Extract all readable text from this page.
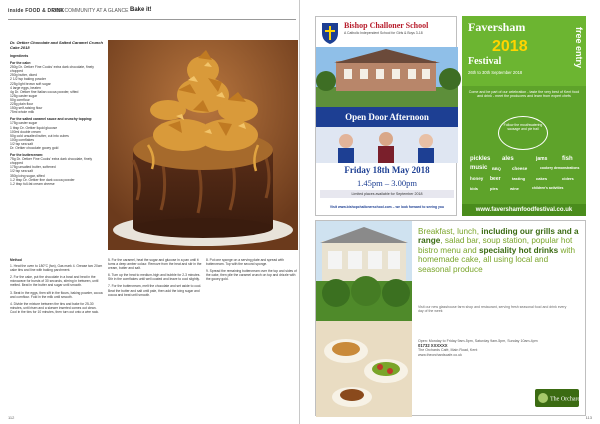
inside FOOD & DRINK
OUR COMMUNITY AT A GLANCE Bake it!
Dr. Oetker Chocolate and Salted Caramel Crunch Cake 2018
Ingredients
For the cake:
250g Dr. Oetker Fine Cooks' extra dark chocolate, finely chopped
250g butter, diced
2 1/2 tsp baking powder
225g light brown soft sugar
4 large eggs, beaten
4g Dr. Oetker fine Italian cocoa powder, sifted
125g caster sugar
50g cornflour
225g plain flour
150g self-raising flour
75ml whole milk
For the salted caramel sauce and crunchy topping:
175g caster sugar
1 tbsp Dr. Oetker liquid glucose
100ml double cream
50g cold unsalted butter, cut into cubes
100g cornflakes
1/2 tsp sea salt
Dr. Oetker chocolate gooey gold
For the buttercream:
75g Dr. Oetker Fine Cooks' extra dark chocolate, finely chopped
175g unsalted butter, softened
1/2 tsp sea salt
350g icing sugar, sifted
1-2 tbsp Dr. Oetker fine dark cocoa powder
1-2 tbsp full-fat cream cheese
Method

1. Heat the oven to 180°C (fan), Gas mark 4. Grease two 20cm cake tins and line with baking parchment.

2. For the cake, put the chocolate in a bowl and heat in the microwave for bursts of 30 seconds, stirring in between, until melted. Beat in the butter and sugar until smooth.

3. Beat in the eggs, then sift in the flours, baking powder, cocoa and cornflour. Fold in the milk until smooth.

4. Divide the mixture between the tins and bake for 25-30 minutes, until risen and a skewer inserted comes out clean. Cool in the tins for 10 minutes, then turn out onto a wire rack.

5. For the caramel, heat the sugar and glucose in a pan until it turns a deep amber colour. Remove from the heat and stir in the cream, butter and salt.

6. Turn up the heat to medium-high and bubble for 2-3 minutes. Stir in the cornflakes until well coated and leave to cool slightly.

7. For the buttercream, melt the chocolate and set aside to cool. Beat the butter and salt until pale, then add the icing sugar and cocoa and beat until smooth.

8. Put one sponge on a serving plate and spread with buttercream. Top with the second sponge.

9. Spread the remaining buttercream over the top and sides of the cake, then pile the caramel crunch on top and drizzle with the gooey gold.

112
Bishop Challoner School
A Catholic Independent School for Girls & Boys 3-18
Open Door Afternoon
Friday 18th May 2018
1.45pm – 3.00pm
Limited places available for September 2018
Visit www.bishopchallonerschool.com – we look forward to seeing you
Faversham
2018
Festival
26th to 30th September 2018
free entry
Come and be part of our celebration - taste the very best of Kent food and drink - meet the producers and learn from expert chefs
Follow the mouthwatering sausage and pie trail
pickles ales	jams fish
music BBQ cheese	cookery demonstrations
honey beer	tasting	cakes	ciders
kids	pies	wine	children's activities
www.favershamfoodfestival.co.uk
Breakfast, lunch, including our grills and a range, salad bar, soup station, popular hot bistro menu and speciality hot drinks with homemade cake, all using local and seasonal produce
Visit our new glasshouse farm shop and restaurant, serving fresh seasonal food and drink every day of the week
Open: Monday to Friday 9am-5pm, Saturday 9am-5pm, Sunday 10am-4pm
01732 XXXXXX
The Orchards Café, Main Road, Kent
www.theorchardscafe.co.uk
The Orchards
113
